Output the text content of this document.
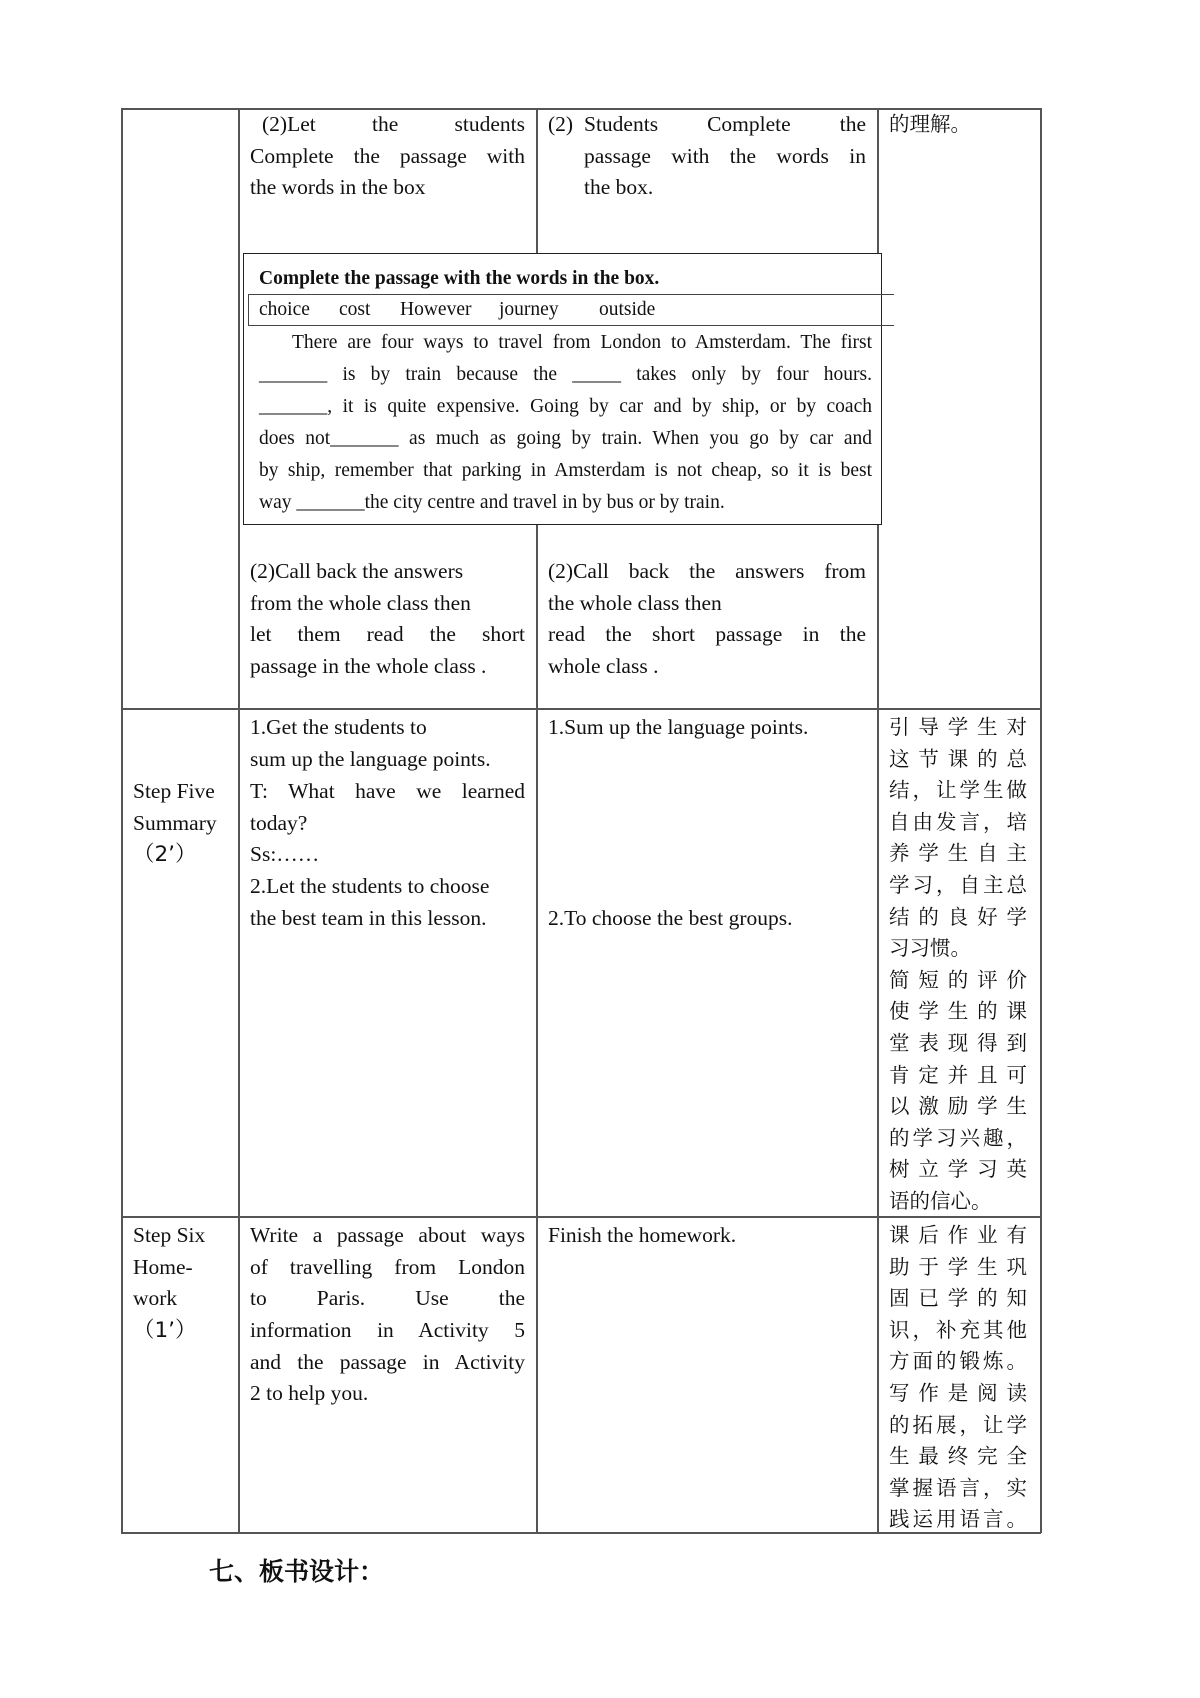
(2)Let the students
Complete the passage with
the words in the box
(2) Students Complete the
passage with the words in
the box.
的理解。
Complete the passage with the words in the box.
choice cost However journey outside
There are four ways to travel from London to Amsterdam. The first
_______ is by train because the _____ takes only by four hours.
_______, it is quite expensive. Going by car and by ship, or by coach
does not_______ as much as going by train. When you go by car and
by ship, remember that parking in Amsterdam is not cheap, so it is best
way _______the city centre and travel in by bus or by train.
(2)Call back the answers
from the whole class then
let them read the short
passage in the whole class .
(2)Call back the answers from
the whole class then
read the short passage in the
whole class .
Step Five
Summary
（2’）
1.Get the students to
sum up the language points.
T: What have we learned
today?
Ss:……
2.Let the students to choose
the best team in this lesson.
1.Sum up the language points.
2.To choose the best groups.
引导学生对
这节课的总
结，让学生做
自由发言，培
养学生自主
学习，自主总
结的良好学
习习惯。
简短的评价
使学生的课
堂表现得到
肯定并且可
以激励学生
的学习兴趣，
树立学习英
语的信心。
Step Six
Home-
work
（1’）
Write a passage about ways
of travelling from London
to Paris. Use the
information in Activity 5
and the passage in Activity
2 to help you.
Finish the homework.	课后作业有
助于学生巩
固已学的知
识，补充其他
方面的锻炼。
写作是阅读
的拓展，让学
生最终完全
掌握语言，实
践运用语言。
七、板书设计：
